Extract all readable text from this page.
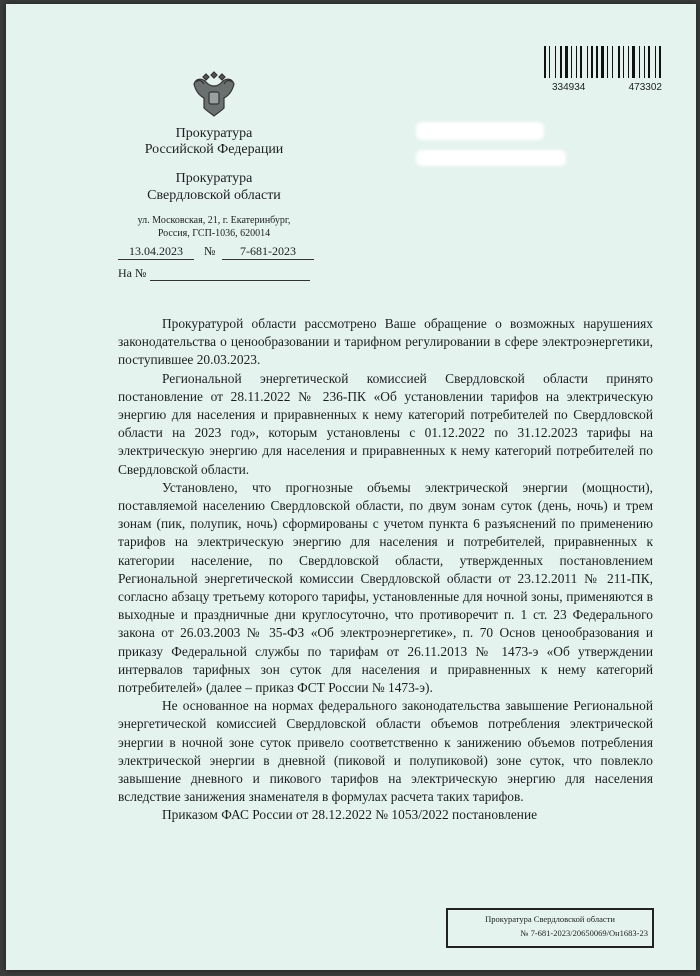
334934	473302
Прокуратура
Российской Федерации
Прокуратура
Свердловской области
ул. Московская, 21, г. Екатеринбург,
Россия, ГСП-1036, 620014
13.04.2023	№	7-681-2023
На №

Прокуратурой области рассмотрено Ваше обращение о возможных нарушениях законодательства о ценообразовании и тарифном регулировании в сфере электроэнергетики, поступившее 20.03.2023.

Региональной энергетической комиссией Свердловской области принято постановление от 28.11.2022 № 236-ПК «Об установлении тарифов на электрическую энергию для населения и приравненных к нему категорий потребителей по Свердловской области на 2023 год», которым установлены с 01.12.2022 по 31.12.2023 тарифы на электрическую энергию для населения и приравненных к нему категорий потребителей по Свердловской области.

Установлено, что прогнозные объемы электрической энергии (мощности), поставляемой населению Свердловской области, по двум зонам суток (день, ночь) и трем зонам (пик, полупик, ночь) сформированы с учетом пункта 6 разъяснений по применению тарифов на электрическую энергию для населения и потребителей, приравненных к категории население, по Свердловской области, утвержденных постановлением Региональной энергетической комиссии Свердловской области от 23.12.2011 № 211-ПК, согласно абзацу третьему которого тарифы, установленные для ночной зоны, применяются в выходные и праздничные дни круглосуточно, что противоречит п. 1 ст. 23 Федерального закона от 26.03.2003 № 35-ФЗ «Об электроэнергетике», п. 70 Основ ценообразования и приказу Федеральной службы по тарифам от 26.11.2013 № 1473-э «Об утверждении интервалов тарифных зон суток для населения и приравненных к нему категорий потребителей» (далее – приказ ФСТ России № 1473-э).

Не основанное на нормах федерального законодательства завышение Региональной энергетической комиссией Свердловской области объемов потребления электрической энергии в ночной зоне суток привело соответственно к занижению объемов потребления электрической энергии в дневной (пиковой и полупиковой) зоне суток, что повлекло завышение дневного и пикового тарифов на электрическую энергию для населения вследствие занижения знаменателя в формулах расчета таких тарифов.

Приказом ФАС России от 28.12.2022 № 1053/2022 постановление

Прокуратура Свердловской области
№ 7-681-2023/20650069/Он1683-23
